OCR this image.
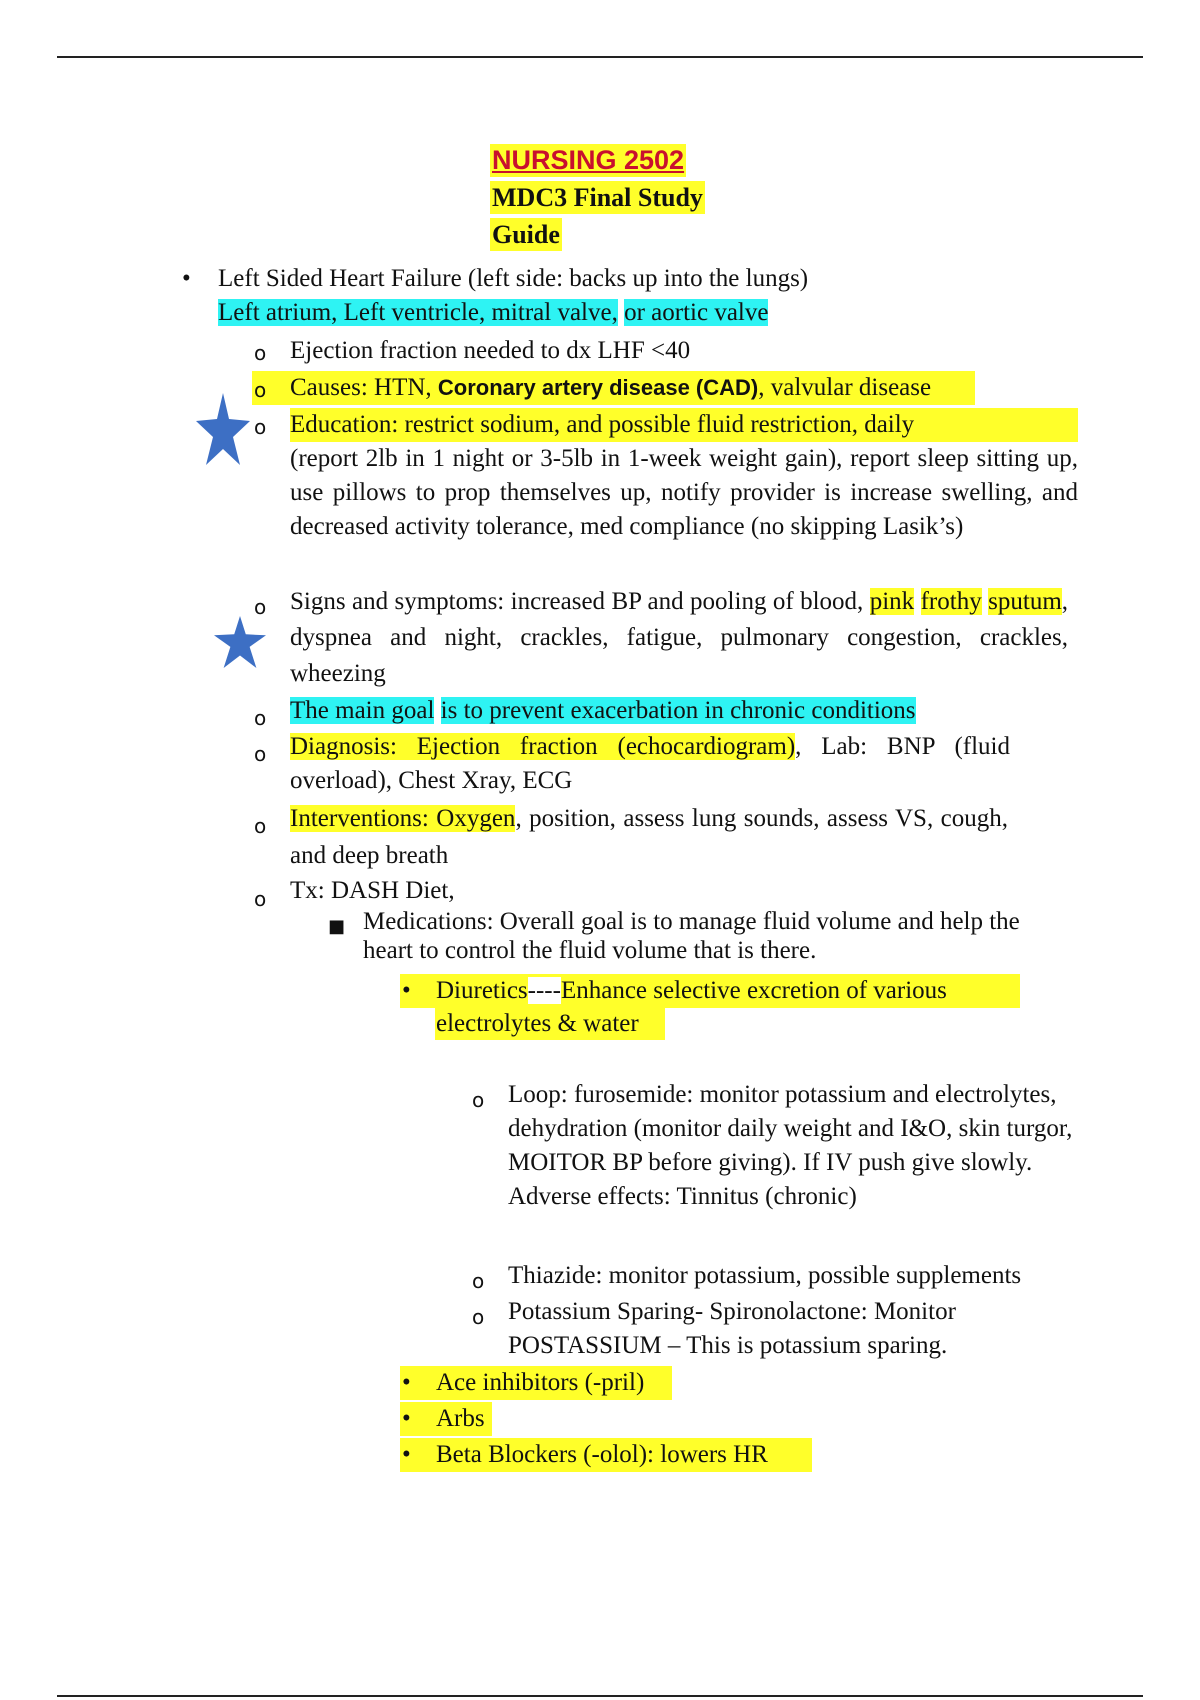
NURSING 2502
MDC3 Final Study
Guide
• Left Sided Heart Failure (left side: backs up into the lungs)
Left atrium, Left ventricle, mitral valve, or aortic valve
o Ejection fraction needed to dx LHF <40
o Causes: HTN, Coronary artery disease (CAD), valvular disease
o Education: restrict sodium, and possible fluid restriction, daily
(report 2lb in 1 night or 3-5lb in 1-week weight gain), report sleep sitting up, use pillows to prop themselves up, notify provider is increase swelling, and decreased activity tolerance, med compliance (no skipping Lasik’s)
o Signs and symptoms: increased BP and pooling of blood, pink frothy sputum, dyspnea and night, crackles, fatigue, pulmonary congestion, crackles, wheezing
o The main goal is to prevent exacerbation in chronic conditions
o Diagnosis: Ejection fraction (echocardiogram), Lab: BNP (fluid overload), Chest Xray, ECG
o Interventions: Oxygen, position, assess lung sounds, assess VS, cough, and deep breath
o Tx: DASH Diet,
■ Medications: Overall goal is to manage fluid volume and help the heart to control the fluid volume that is there.
• Diuretics----Enhance selective excretion of various
electrolytes & water
o Loop: furosemide: monitor potassium and electrolytes, dehydration (monitor daily weight and I&O, skin turgor, MOITOR BP before giving). If IV push give slowly. Adverse effects: Tinnitus (chronic)
o Thiazide: monitor potassium, possible supplements
o Potassium Sparing- Spironolactone: Monitor POSTASSIUM – This is potassium sparing.
• Ace inhibitors (-pril)
• Arbs
• Beta Blockers (-olol): lowers HR
